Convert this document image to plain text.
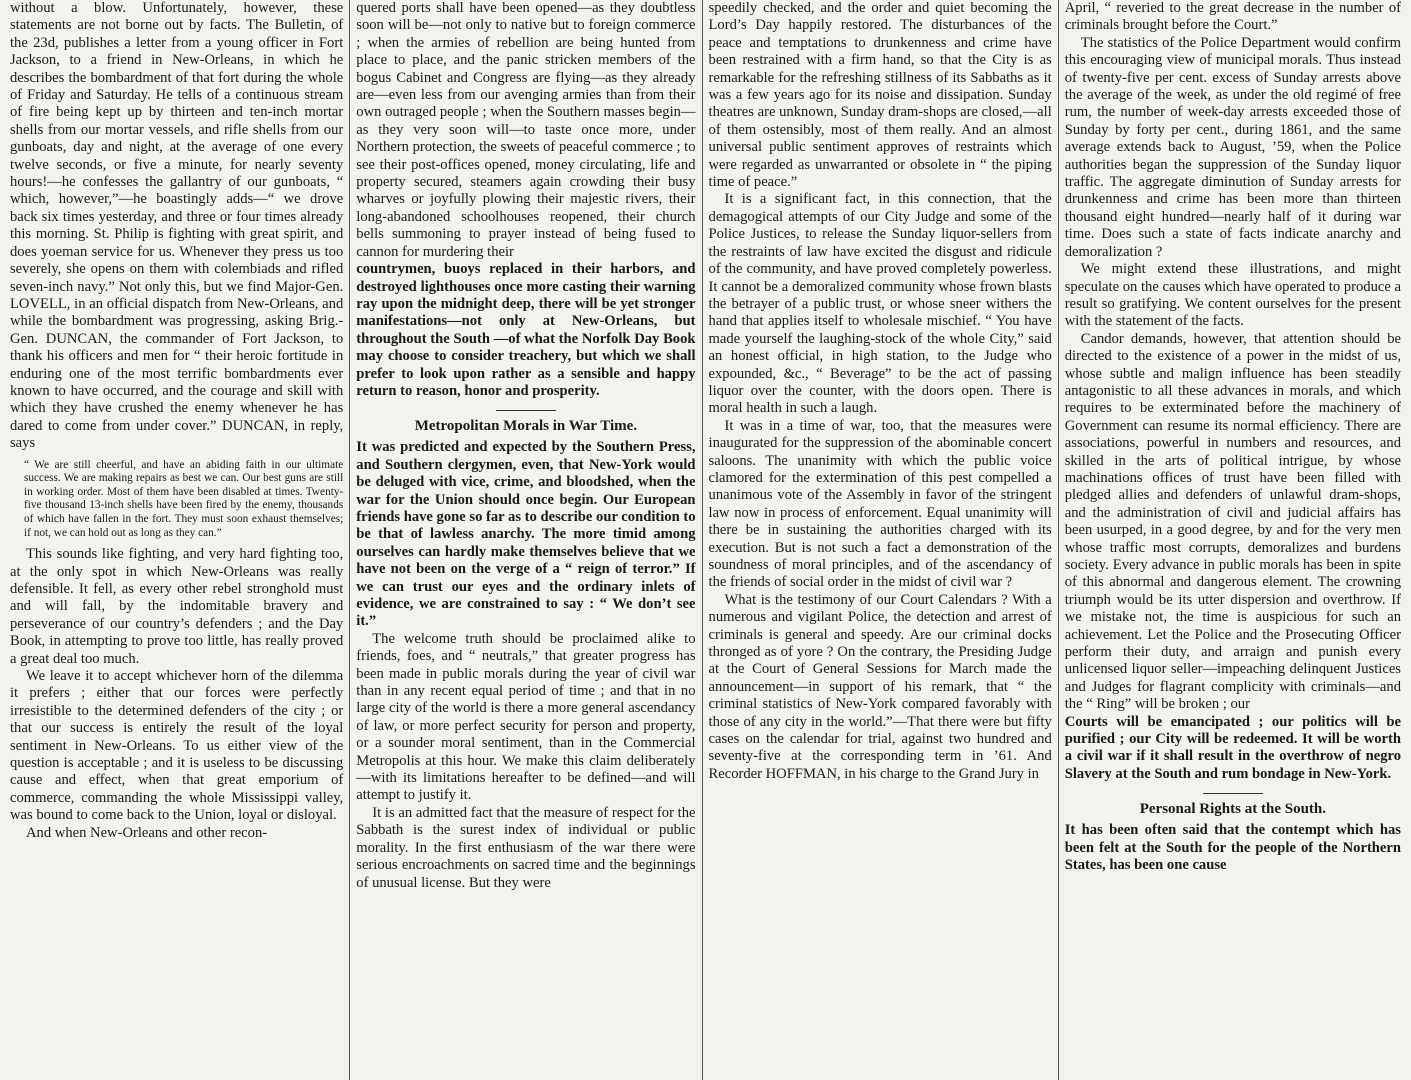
without a blow. Unfortunately, however, these statements are not borne out by facts. The Bulletin, of the 23d, publishes a letter from a young officer in Fort Jackson, to a friend in New-Orleans, in which he describes the bombardment of that fort during the whole of Friday and Saturday. He tells of a continuous stream of fire being kept up by thirteen and ten-inch mortar shells from our mortar vessels, and rifle shells from our gunboats, day and night, at the average of one every twelve seconds, or five a minute, for nearly seventy hours!—he confesses the gallantry of our gunboats, “ which, however,”—he boastingly adds—“ we drove back six times yesterday, and three or four times already this morning. St. Philip is fighting with great spirit, and does yoeman service for us. Whenever they press us too severely, she opens on them with colembiads and rifled seven-inch navy.” Not only this, but we find Major-Gen. LOVELL, in an official dispatch from New-Orleans, and while the bombardment was progressing, asking Brig.-Gen. DUNCAN, the commander of Fort Jackson, to thank his officers and men for “ their heroic fortitude in enduring one of the most terrific bombardments ever known to have occurred, and the courage and skill with which they have crushed the enemy whenever he has dared to come from under cover.” DUNCAN, in reply, says

“ We are still cheerful, and have an abiding faith in our ultimate success. We are making repairs as best we can. Our best guns are still in working order. Most of them have been disabled at times. Twenty-five thousand 13-inch shells have been fired by the enemy, thousands of which have fallen in the fort. They must soon exhaust themselves; if not, we can hold out as long as they can.”

This sounds like fighting, and very hard fighting too, at the only spot in which New-Orleans was really defensible. It fell, as every other rebel stronghold must and will fall, by the indomitable bravery and perseverance of our country’s defenders ; and the Day Book, in attempting to prove too little, has really proved a great deal too much.

We leave it to accept whichever horn of the dilemma it prefers ; either that our forces were perfectly irresistible to the determined defenders of the city ; or that our success is entirely the result of the loyal sentiment in New-Orleans. To us either view of the question is acceptable ; and it is useless to be discussing cause and effect, when that great emporium of commerce, commanding the whole Mississippi valley, was bound to come back to the Union, loyal or disloyal.

And when New-Orleans and other recon-

quered ports shall have been opened—as they doubtless soon will be—not only to native but to foreign commerce ; when the armies of rebellion are being hunted from place to place, and the panic stricken members of the bogus Cabinet and Congress are flying—as they already are—even less from our avenging armies than from their own outraged people ; when the Southern masses begin—as they very soon will—to taste once more, under Northern protection, the sweets of peaceful commerce ; to see their post-offices opened, money circulating, life and property secured, steamers again crowding their busy wharves or joyfully plowing their majestic rivers, their long-abandoned schoolhouses reopened, their church bells summoning to prayer instead of being fused to cannon for murdering their

countrymen, buoys replaced in their harbors, and destroyed lighthouses once more casting their warning ray upon the midnight deep, there will be yet stronger manifestations—not only at New-Orleans, but throughout the South —of what the Norfolk Day Book may choose to consider treachery, but which we shall prefer to look upon rather as a sensible and happy return to reason, honor and prosperity.

Metropolitan Morals in War Time.

It was predicted and expected by the Southern Press, and Southern clergymen, even, that New-York would be deluged with vice, crime, and bloodshed, when the war for the Union should once begin. Our European friends have gone so far as to describe our condition to be that of lawless anarchy. The more timid among ourselves can hardly make themselves believe that we have not been on the verge of a “ reign of terror.” If we can trust our eyes and the ordinary inlets of evidence, we are constrained to say : “ We don’t see it.”

The welcome truth should be proclaimed alike to friends, foes, and “ neutrals,” that greater progress has been made in public morals during the year of civil war than in any recent equal period of time ; and that in no large city of the world is there a more general ascendancy of law, or more perfect security for person and property, or a sounder moral sentiment, than in the Commercial Metropolis at this hour. We make this claim deliberately—with its limitations hereafter to be defined—and will attempt to justify it.

It is an admitted fact that the measure of respect for the Sabbath is the surest index of individual or public morality. In the first enthusiasm of the war there were serious encroachments on sacred time and the beginnings of unusual license. But they were

speedily checked, and the order and quiet becoming the Lord’s Day happily restored. The disturbances of the peace and temptations to drunkenness and crime have been restrained with a firm hand, so that the City is as remarkable for the refreshing stillness of its Sabbaths as it was a few years ago for its noise and dissipation. Sunday theatres are unknown, Sunday dram-shops are closed,—all of them ostensibly, most of them really. And an almost universal public sentiment approves of restraints which were regarded as unwarranted or obsolete in “ the piping time of peace.”

It is a significant fact, in this connection, that the demagogical attempts of our City Judge and some of the Police Justices, to release the Sunday liquor-sellers from the restraints of law have excited the disgust and ridicule of the community, and have proved completely powerless. It cannot be a demoralized community whose frown blasts the betrayer of a public trust, or whose sneer withers the hand that applies itself to wholesale mischief. “ You have made yourself the laughing-stock of the whole City,” said an honest official, in high station, to the Judge who expounded, &c., “ Beverage” to be the act of passing liquor over the counter, with the doors open. There is moral health in such a laugh.

It was in a time of war, too, that the measures were inaugurated for the suppression of the abominable concert saloons. The unanimity with which the public voice clamored for the extermination of this pest compelled a unanimous vote of the Assembly in favor of the stringent law now in process of enforcement. Equal unanimity will there be in sustaining the authorities charged with its execution. But is not such a fact a demonstration of the soundness of moral principles, and of the ascendancy of the friends of social order in the midst of civil war ?

What is the testimony of our Court Calendars ? With a numerous and vigilant Police, the detection and arrest of criminals is general and speedy. Are our criminal docks thronged as of yore ? On the contrary, the Presiding Judge at the Court of General Sessions for March made the announcement—in support of his remark, that “ the criminal statistics of New-York compared favorably with those of any city in the world.”—That there were but fifty cases on the calendar for trial, against two hundred and seventy-five at the corresponding term in ’61. And Recorder HOFFMAN, in his charge to the Grand Jury in

April, “ reveried to the great decrease in the number of criminals brought before the Court.”

The statistics of the Police Department would confirm this encouraging view of municipal morals. Thus instead of twenty-five per cent. excess of Sunday arrests above the average of the week, as under the old regimé of free rum, the number of week-day arrests exceeded those of Sunday by forty per cent., during 1861, and the same average extends back to August, ’59, when the Police authorities began the suppression of the Sunday liquor traffic. The aggregate diminution of Sunday arrests for drunkenness and crime has been more than thirteen thousand eight hundred—nearly half of it during war time. Does such a state of facts indicate anarchy and demoralization ?

We might extend these illustrations, and might speculate on the causes which have operated to produce a result so gratifying. We content ourselves for the present with the statement of the facts.

Candor demands, however, that attention should be directed to the existence of a power in the midst of us, whose subtle and malign influence has been steadily antagonistic to all these advances in morals, and which requires to be exterminated before the machinery of Government can resume its normal efficiency. There are associations, powerful in numbers and resources, and skilled in the arts of political intrigue, by whose machinations offices of trust have been filled with pledged allies and defenders of unlawful dram-shops, and the administration of civil and judicial affairs has been usurped, in a good degree, by and for the very men whose traffic most corrupts, demoralizes and burdens society. Every advance in public morals has been in spite of this abnormal and dangerous element. The crowning triumph would be its utter dispersion and overthrow. If we mistake not, the time is auspicious for such an achievement. Let the Police and the Prosecuting Officer perform their duty, and arraign and punish every unlicensed liquor seller—impeaching delinquent Justices and Judges for flagrant complicity with criminals—and the “ Ring” will be broken ; our

Courts will be emancipated ; our politics will be purified ; our City will be redeemed. It will be worth a civil war if it shall result in the overthrow of negro Slavery at the South and rum bondage in New-York.

Personal Rights at the South.

It has been often said that the contempt which has been felt at the South for the people of the Northern States, has been one cause
